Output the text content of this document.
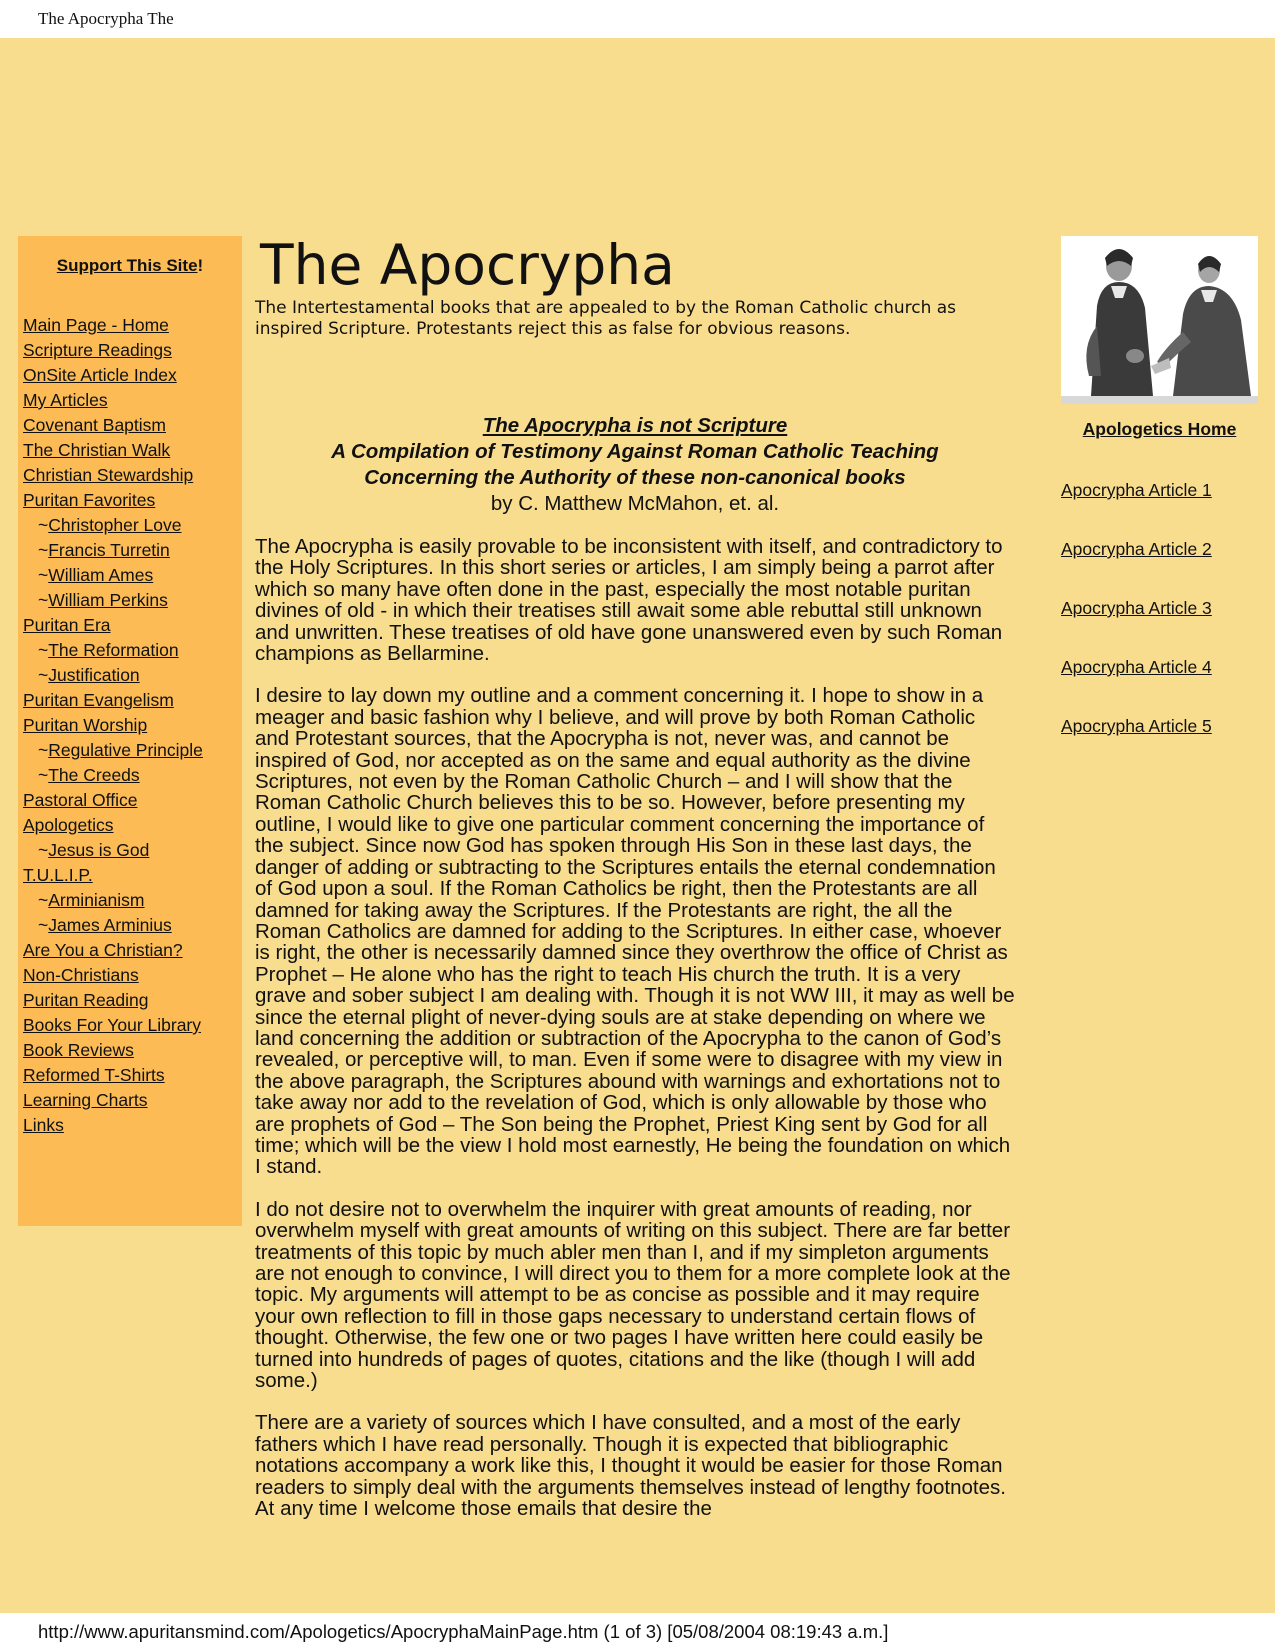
The Apocrypha The
Support This Site!
Main Page - Home
Scripture Readings
OnSite Article Index
My Articles
Covenant Baptism
The Christian Walk
Christian Stewardship
Puritan Favorites
~Christopher Love
~Francis Turretin
~William Ames
~William Perkins
Puritan Era
~The Reformation
~Justification
Puritan Evangelism
Puritan Worship
~Regulative Principle
~The Creeds
Pastoral Office
Apologetics
~Jesus is God
T.U.L.I.P.
~Arminianism
~James Arminius
Are You a Christian?
Non-Christians
Puritan Reading
Books For Your Library
Book Reviews
Reformed T-Shirts
Learning Charts
Links
The Apocrypha
The Intertestamental books that are appealed to by the Roman Catholic church as inspired Scripture. Protestants reject this as false for obvious reasons.
The Apocrypha is not Scripture
A Compilation of Testimony Against Roman Catholic Teaching
Concerning the Authority of these non-canonical books
by C. Matthew McMahon, et. al.

The Apocrypha is easily provable to be inconsistent with itself, and contradictory to the Holy Scriptures. In this short series or articles, I am simply being a parrot after which so many have often done in the past, especially the most notable puritan divines of old - in which their treatises still await some able rebuttal still unknown and unwritten. These treatises of old have gone unanswered even by such Roman champions as Bellarmine.

I desire to lay down my outline and a comment concerning it. I hope to show in a meager and basic fashion why I believe, and will prove by both Roman Catholic and Protestant sources, that the Apocrypha is not, never was, and cannot be inspired of God, nor accepted as on the same and equal authority as the divine Scriptures, not even by the Roman Catholic Church – and I will show that the Roman Catholic Church believes this to be so. However, before presenting my outline, I would like to give one particular comment concerning the importance of the subject. Since now God has spoken through His Son in these last days, the danger of adding or subtracting to the Scriptures entails the eternal condemnation of God upon a soul. If the Roman Catholics be right, then the Protestants are all damned for taking away the Scriptures. If the Protestants are right, the all the Roman Catholics are damned for adding to the Scriptures. In either case, whoever is right, the other is necessarily damned since they overthrow the office of Christ as Prophet – He alone who has the right to teach His church the truth. It is a very grave and sober subject I am dealing with. Though it is not WW III, it may as well be since the eternal plight of never-dying souls are at stake depending on where we land concerning the addition or subtraction of the Apocrypha to the canon of God’s revealed, or perceptive will, to man. Even if some were to disagree with my view in the above paragraph, the Scriptures abound with warnings and exhortations not to take away nor add to the revelation of God, which is only allowable by those who are prophets of God – The Son being the Prophet, Priest King sent by God for all time; which will be the view I hold most earnestly, He being the foundation on which I stand.

I do not desire not to overwhelm the inquirer with great amounts of reading, nor overwhelm myself with great amounts of writing on this subject. There are far better treatments of this topic by much abler men than I, and if my simpleton arguments are not enough to convince, I will direct you to them for a more complete look at the topic. My arguments will attempt to be as concise as possible and it may require your own reflection to fill in those gaps necessary to understand certain flows of thought. Otherwise, the few one or two pages I have written here could easily be turned into hundreds of pages of quotes, citations and the like (though I will add some.)

There are a variety of sources which I have consulted, and a most of the early fathers which I have read personally. Though it is expected that bibliographic notations accompany a work like this, I thought it would be easier for those Roman readers to simply deal with the arguments themselves instead of lengthy footnotes. At any time I welcome those emails that desire the

Apologetics Home
Apocrypha Article 1
Apocrypha Article 2
Apocrypha Article 3
Apocrypha Article 4
Apocrypha Article 5
http://www.apuritansmind.com/Apologetics/ApocryphaMainPage.htm (1 of 3) [05/08/2004 08:19:43 a.m.]
